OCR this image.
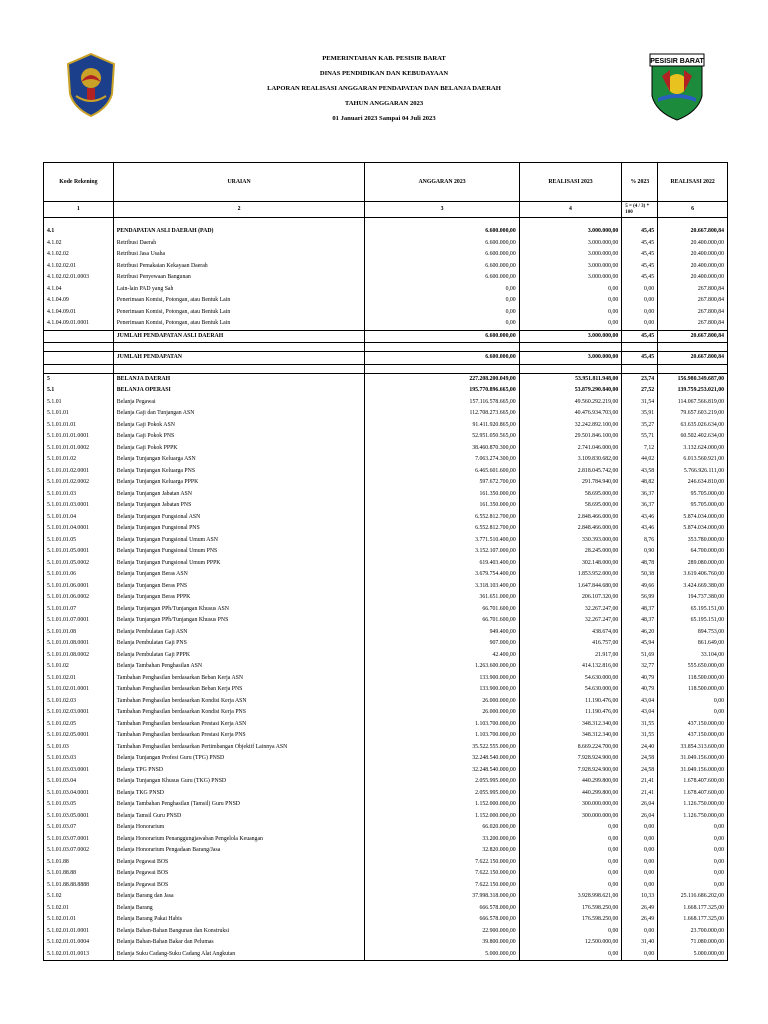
PESISIR BARAT
PEMERINTAHAN KAB. PESISIR BARAT
DINAS PENDIDIKAN DAN KEBUDAYAAN
LAPORAN REALISASI ANGGARAN PENDAPATAN DAN BELANJA DAERAH
TAHUN ANGGARAN 2023
01 Januari 2023 Sampai 04 Juli 2023
Kode Rekening	URAIAN	ANGGARAN 2023	REALISASI 2023	% 2023	REALISASI 2022
1	2	3	4	5 = (4 / 3) * 100	6

4.1	PENDAPATAN ASLI DAERAH (PAD)	6.600.000,00	3.000.000,00	45,45	20.667.800,84
4.1.02	Retribusi Daerah	6.600.000,00	3.000.000,00	45,45	20.400.000,00
4.1.02.02	Retribusi Jasa Usaha	6.600.000,00	3.000.000,00	45,45	20.400.000,00
4.1.02.02.01	Retribusi Pemakaian Kekayaan Daerah	6.600.000,00	3.000.000,00	45,45	20.400.000,00
4.1.02.02.01.0003	Retribusi Penyewaan Bangunan	6.600.000,00	3.000.000,00	45,45	20.400.000,00
4.1.04	Lain-lain PAD yang Sah	0,00	0,00	0,00	267.800,84
4.1.04.09	Penerimaan Komisi, Potongan, atau Bentuk Lain	0,00	0,00	0,00	267.800,84
4.1.04.09.01	Penerimaan Komisi, Potongan, atau Bentuk Lain	0,00	0,00	0,00	267.800,84
4.1.04.09.01.0001	Penerimaan Komisi, Potongan, atau Bentuk Lain	0,00	0,00	0,00	267.800,84
	JUMLAH PENDAPATAN ASLI DAERAH	6.600.000,00	3.000.000,00	45,45	20.667.800,84

	JUMLAH PENDAPATAN	6.600.000,00	3.000.000,00	45,45	20.667.800,84

5	BELANJA DAERAH	227.208.200.049,00	53.951.811.948,00	23,74	156.980.349.687,00
5.1	BELANJA OPERASI	195.770.896.665,00	53.879.290.840,00	27,52	139.759.253.021,00
5.1.01	Belanja Pegawai	157.116.578.665,00	49.560.292.219,00	31,54	114.067.566.819,00
5.1.01.01	Belanja Gaji dan Tunjangan ASN	112.708.273.665,00	40.476.934.703,00	35,91	79.657.603.219,00
5.1.01.01.01	Belanja Gaji Pokok ASN	91.411.920.865,00	32.242.892.100,00	35,27	63.635.026.634,00
5.1.01.01.01.0001	Belanja Gaji Pokok PNS	52.951.050.565,00	29.501.846.100,00	55,71	60.502.402.634,00
5.1.01.01.01.0002	Belanja Gaji Pokok PPPK	38.460.870.300,00	2.741.046.000,00	7,12	3.132.624.000,00
5.1.01.01.02	Belanja Tunjangan Keluarga ASN	7.063.274.300,00	3.109.830.682,00	44,02	6.013.560.921,00
5.1.01.01.02.0001	Belanja Tunjangan Keluarga PNS	6.465.601.600,00	2.818.045.742,00	43,58	5.766.926.111,00
5.1.01.01.02.0002	Belanja Tunjangan Keluarga PPPK	597.672.700,00	291.784.940,00	48,82	246.634.810,00
5.1.01.01.03	Belanja Tunjangan Jabatan ASN	161.350.000,00	58.695.000,00	36,37	95.705.000,00
5.1.01.01.03.0001	Belanja Tunjangan Jabatan PNS	161.350.000,00	58.695.000,00	36,37	95.705.000,00
5.1.01.01.04	Belanja Tunjangan Fungsional ASN	6.552.812.700,00	2.848.466.000,00	43,46	5.874.034.000,00
5.1.01.01.04.0001	Belanja Tunjangan Fungsional PNS	6.552.812.700,00	2.848.466.000,00	43,46	5.874.034.000,00
5.1.01.01.05	Belanja Tunjangan Fungsional Umum ASN	3.771.510.400,00	330.393.000,00	8,76	353.780.000,00
5.1.01.01.05.0001	Belanja Tunjangan Fungsional Umum PNS	3.152.107.000,00	28.245.000,00	0,90	64.700.000,00
5.1.01.01.05.0002	Belanja Tunjangan Fungsional Umum PPPK	619.403.400,00	302.148.000,00	48,78	289.080.000,00
5.1.01.01.06	Belanja Tunjangan Beras ASN	3.679.754.400,00	1.853.952.000,00	50,38	3.619.406.760,00
5.1.01.01.06.0001	Belanja Tunjangan Beras PNS	3.318.103.400,00	1.647.844.680,00	49,66	3.424.669.380,00
5.1.01.01.06.0002	Belanja Tunjangan Beras PPPK	361.651.000,00	206.107.320,00	56,99	194.737.380,00
5.1.01.01.07	Belanja Tunjangan PPh/Tunjangan Khusus ASN	66.701.600,00	32.267.247,00	48,37	65.195.151,00
5.1.01.01.07.0001	Belanja Tunjangan PPh/Tunjangan Khusus PNS	66.701.600,00	32.267.247,00	48,37	65.195.151,00
5.1.01.01.08	Belanja Pembulatan Gaji ASN	949.400,00	438.674,00	46,20	894.753,00
5.1.01.01.08.0001	Belanja Pembulatan Gaji PNS	907.000,00	416.757,00	45,94	861.649,00
5.1.01.01.08.0002	Belanja Pembulatan Gaji PPPK	42.400,00	21.917,00	51,69	33.104,00
5.1.01.02	Belanja Tambahan Penghasilan ASN	1.263.600.000,00	414.132.816,00	32,77	555.650.000,00
5.1.01.02.01	Tambahan Penghasilan berdasarkan Beban Kerja ASN	133.900.000,00	54.630.000,00	40,79	118.500.000,00
5.1.01.02.01.0001	Tambahan Penghasilan berdasarkan Beban Kerja PNS	133.900.000,00	54.630.000,00	40,79	118.500.000,00
5.1.01.02.03	Tambahan Penghasilan berdasarkan Kondisi Kerja ASN	26.000.000,00	11.190.476,00	43,04	0,00
5.1.01.02.03.0001	Tambahan Penghasilan berdasarkan Kondisi Kerja PNS	26.000.000,00	11.190.476,00	43,04	0,00
5.1.01.02.05	Tambahan Penghasilan berdasarkan Prestasi Kerja ASN	1.103.700.000,00	348.312.340,00	31,55	437.150.000,00
5.1.01.02.05.0001	Tambahan Penghasilan berdasarkan Prestasi Kerja PNS	1.103.700.000,00	348.312.340,00	31,55	437.150.000,00
5.1.01.03	Tambahan Penghasilan berdasarkan Pertimbangan Objektif Lainnya ASN	35.522.555.000,00	8.669.224.700,00	24,40	33.854.313.600,00
5.1.01.03.03	Belanja Tunjangan Profesi Guru (TPG) PNSD	32.248.540.000,00	7.928.924.900,00	24,58	31.049.156.000,00
5.1.01.03.03.0001	Belanja TPG PNSD	32.248.540.000,00	7.928.924.900,00	24,58	31.049.156.000,00
5.1.01.03.04	Belanja Tunjangan Khusus Guru (TKG) PNSD	2.055.995.000,00	440.299.800,00	21,41	1.678.407.600,00
5.1.01.03.04.0001	Belanja TKG PNSD	2.055.995.000,00	440.299.800,00	21,41	1.678.407.600,00
5.1.01.03.05	Belanja Tambahan Penghasilan (Tamsil) Guru PNSD	1.152.000.000,00	300.000.000,00	26,04	1.126.750.000,00
5.1.01.03.05.0001	Belanja Tamsil Guru PNSD	1.152.000.000,00	300.000.000,00	26,04	1.126.750.000,00
5.1.01.03.07	Belanja Honorarium	66.020.000,00	0,00	0,00	0,00
5.1.01.03.07.0001	Belanja Honorarium Penanggungjawaban Pengelola Keuangan	33.200.000,00	0,00	0,00	0,00
5.1.01.03.07.0002	Belanja Honorarium Pengadaan Barang/Jasa	32.820.000,00	0,00	0,00	0,00
5.1.01.88	Belanja Pegawai BOS	7.622.150.000,00	0,00	0,00	0,00
5.1.01.88.88	Belanja Pegawai BOS	7.622.150.000,00	0,00	0,00	0,00
5.1.01.88.88.8888	Belanja Pegawai BOS	7.622.150.000,00	0,00	0,00	0,00
5.1.02	Belanja Barang dan Jasa	37.998.318.000,00	3.928.998.621,00	10,33	25.116.686.202,00
5.1.02.01	Belanja Barang	666.578.000,00	176.598.250,00	26,49	1.668.177.325,00
5.1.02.01.01	Belanja Barang Pakai Habis	666.578.000,00	176.598.250,00	26,49	1.668.177.325,00
5.1.02.01.01.0001	Belanja Bahan-Bahan Bangunan dan Konstruksi	22.900.000,00	0,00	0,00	23.700.000,00
5.1.02.01.01.0004	Belanja Bahan-Bahan Bakar dan Pelumas	39.800.000,00	12.500.000,00	31,40	71.080.000,00
5.1.02.01.01.0013	Belanja Suku Cadang-Suku Cadang Alat Angkutan	5.000.000,00	0,00	0,00	5.000.000,00
